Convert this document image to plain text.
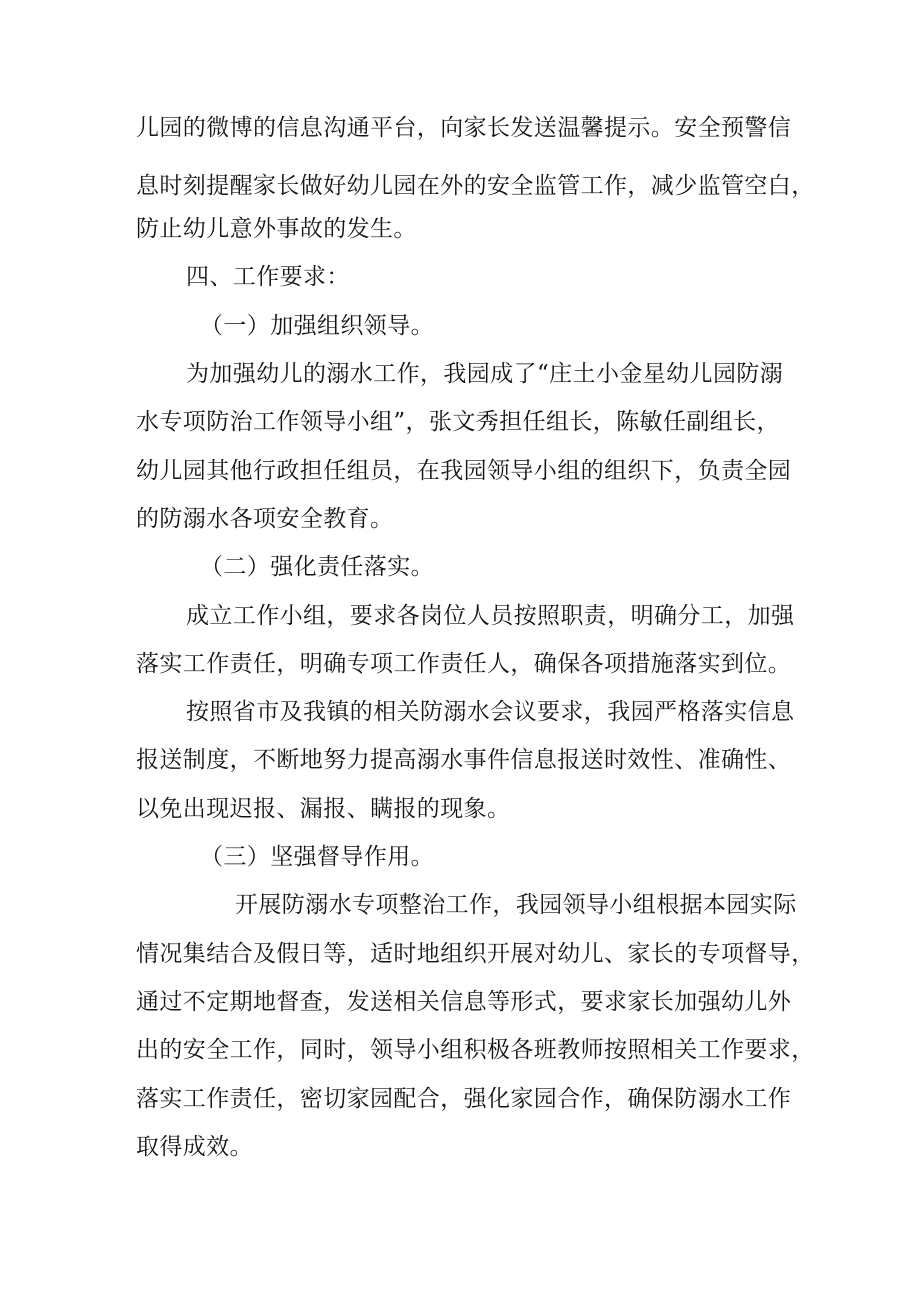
儿园的微博的信息沟通平台，向家长发送温馨提示。安全预警信
息时刻提醒家长做好幼儿园在外的安全监管工作，减少监管空白，
防止幼儿意外事故的发生。
四、工作要求：
（一）加强组织领导。
为加强幼儿的溺水工作，我园成了“庄土小金星幼儿园防溺
水专项防治工作领导小组”，张文秀担任组长，陈敏任副组长，
幼儿园其他行政担任组员，在我园领导小组的组织下，负责全园
的防溺水各项安全教育。
（二）强化责任落实。
成立工作小组，要求各岗位人员按照职责，明确分工，加强
落实工作责任，明确专项工作责任人，确保各项措施落实到位。
按照省市及我镇的相关防溺水会议要求，我园严格落实信息
报送制度，不断地努力提高溺水事件信息报送时效性、准确性、
以免出现迟报、漏报、瞒报的现象。
（三）坚强督导作用。
开展防溺水专项整治工作，我园领导小组根据本园实际
情况集结合及假日等，适时地组织开展对幼儿、家长的专项督导，
通过不定期地督查，发送相关信息等形式，要求家长加强幼儿外
出的安全工作，同时，领导小组积极各班教师按照相关工作要求，
落实工作责任，密切家园配合，强化家园合作，确保防溺水工作
取得成效。
